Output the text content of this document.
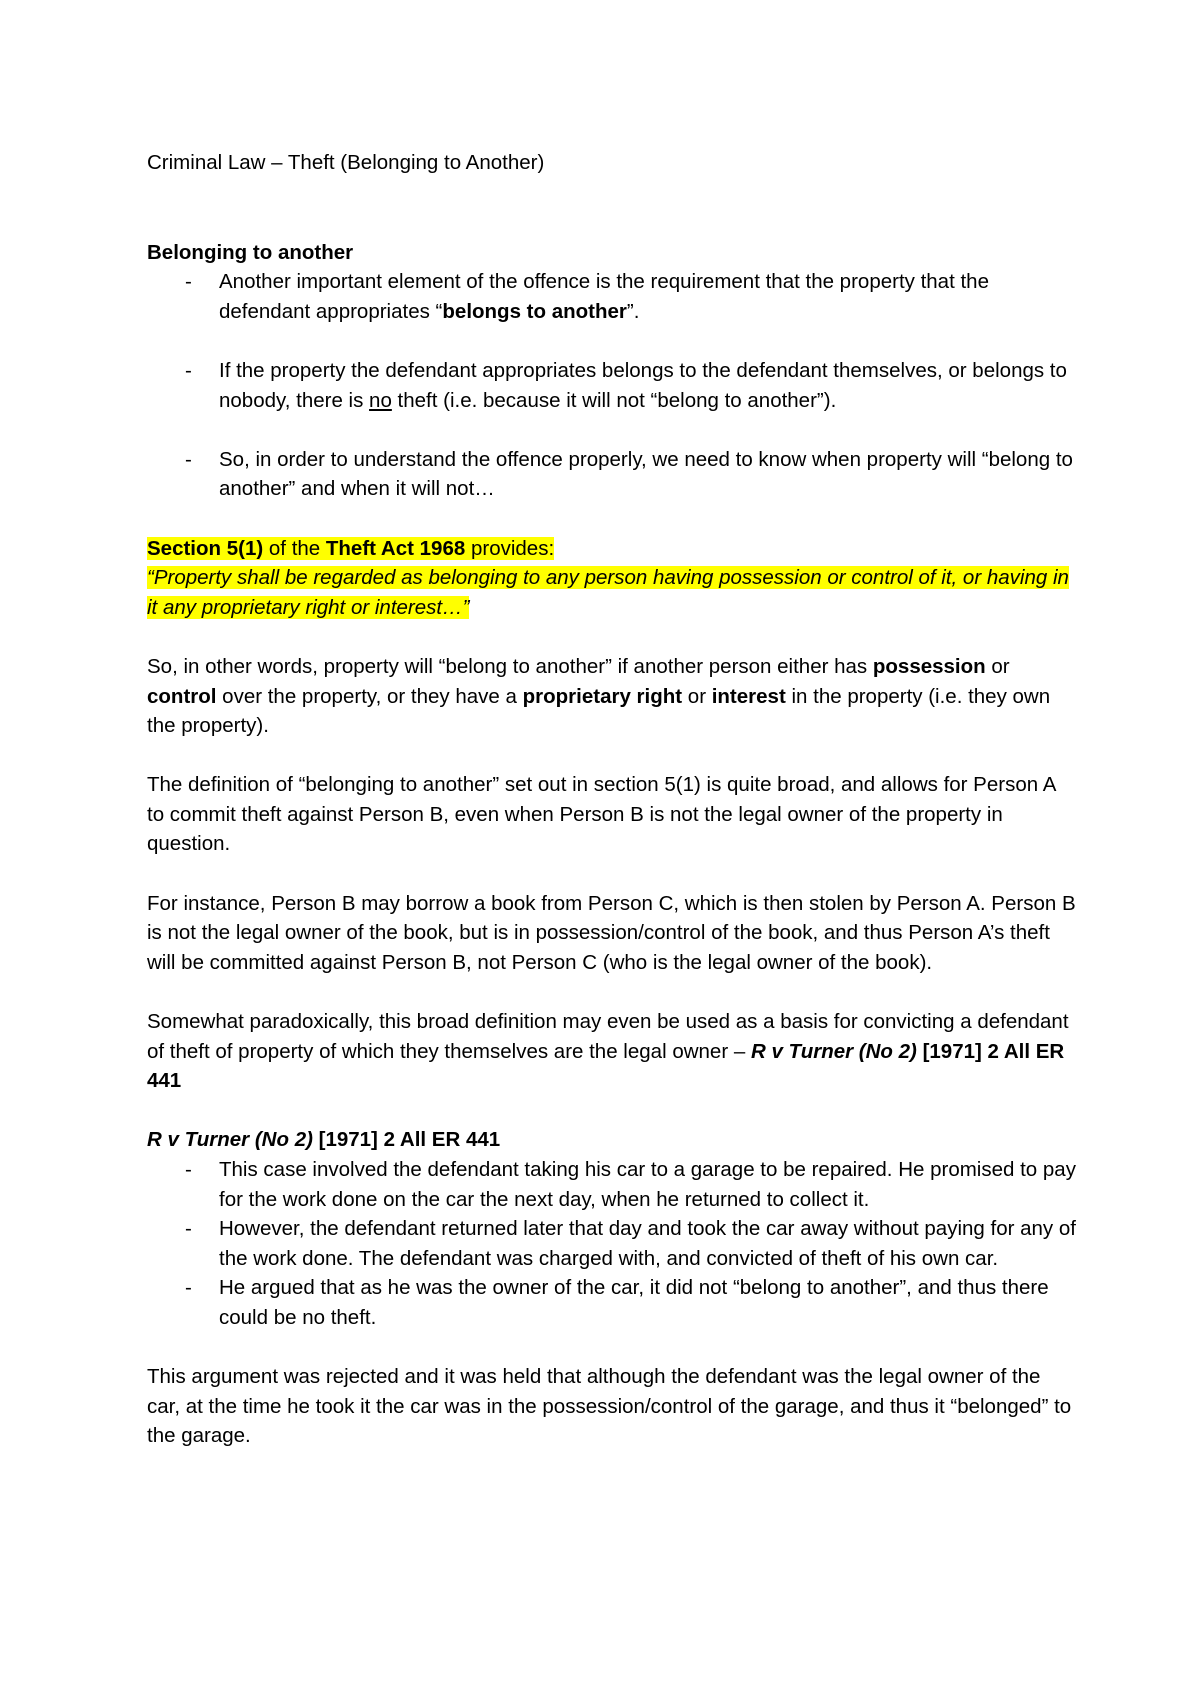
Criminal Law – Theft (Belonging to Another)
Belonging to another
- Another important element of the offence is the requirement that the property that the defendant appropriates “belongs to another”.
- If the property the defendant appropriates belongs to the defendant themselves, or belongs to nobody, there is no theft (i.e. because it will not “belong to another”).
- So, in order to understand the offence properly, we need to know when property will “belong to another” and when it will not…
Section 5(1) of the Theft Act 1968 provides:
“Property shall be regarded as belonging to any person having possession or control of it, or having in it any proprietary right or interest…”
So, in other words, property will “belong to another” if another person either has possession or control over the property, or they have a proprietary right or interest in the property (i.e. they own the property).
The definition of “belonging to another” set out in section 5(1) is quite broad, and allows for Person A to commit theft against Person B, even when Person B is not the legal owner of the property in question.
For instance, Person B may borrow a book from Person C, which is then stolen by Person A. Person B is not the legal owner of the book, but is in possession/control of the book, and thus Person A’s theft will be committed against Person B, not Person C (who is the legal owner of the book).
Somewhat paradoxically, this broad definition may even be used as a basis for convicting a defendant of theft of property of which they themselves are the legal owner – R v Turner (No 2) [1971] 2 All ER 441
R v Turner (No 2) [1971] 2 All ER 441
- This case involved the defendant taking his car to a garage to be repaired. He promised to pay for the work done on the car the next day, when he returned to collect it.
- However, the defendant returned later that day and took the car away without paying for any of the work done. The defendant was charged with, and convicted of theft of his own car.
- He argued that as he was the owner of the car, it did not “belong to another”, and thus there could be no theft.
This argument was rejected and it was held that although the defendant was the legal owner of the car, at the time he took it the car was in the possession/control of the garage, and thus it “belonged” to the garage.
